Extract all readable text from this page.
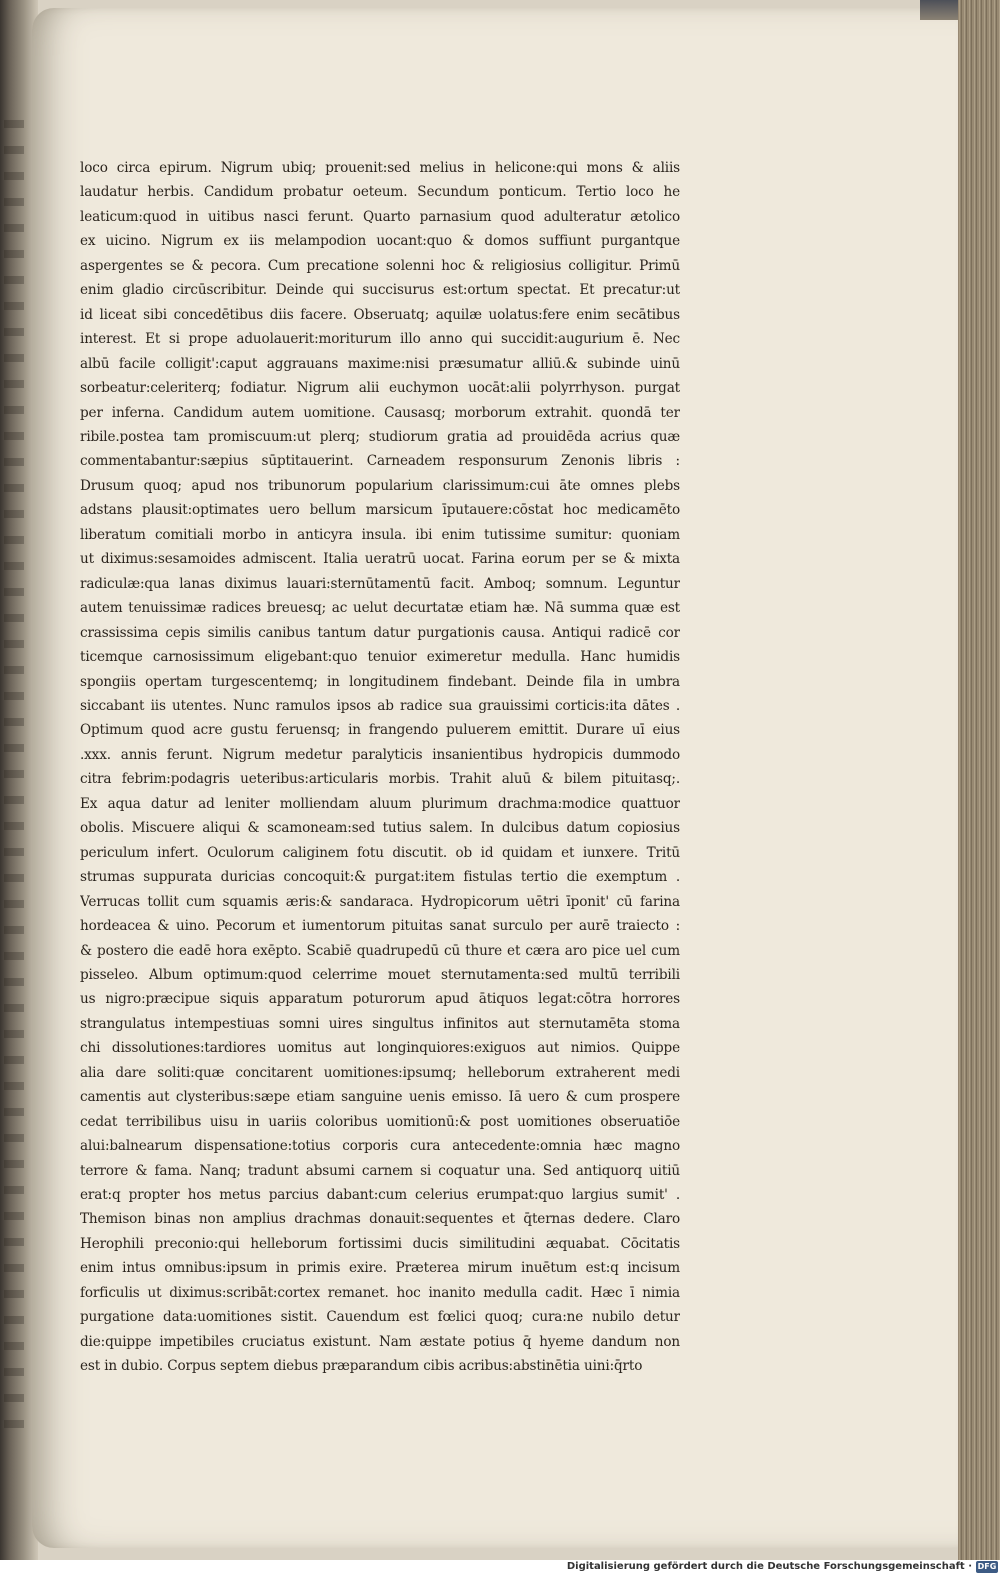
loco circa epirum. Nigrum ubiq; prouenit:sed melius in helicone:qui mons & aliis
laudatur herbis. Candidum probatur oeteum. Secundum ponticum. Tertio loco he
leaticum:quod in uitibus nasci ferunt. Quarto parnasium quod adulteratur ætolico
ex uicino. Nigrum ex iis melampodion uocant:quo & domos suffiunt purgantque
aspergentes se & pecora. Cum precatione solenni hoc & religiosius colligitur. Primū
enim gladio circūscribitur. Deinde qui succisurus est:ortum spectat. Et precatur:ut
id liceat sibi concedētibus diis facere. Obseruatq; aquilæ uolatus:fere enim secātibus
interest. Et si prope aduolauerit:moriturum illo anno qui succidit:augurium ē. Nec
albū facile colligit':caput aggrauans maxime:nisi præsumatur alliū.& subinde uinū
sorbeatur:celeriterq; fodiatur. Nigrum alii euchymon uocāt:alii polyrrhyson. purgat
per inferna. Candidum autem uomitione. Causasq; morborum extrahit. quondā ter
ribile.postea tam promiscuum:ut plerq; studiorum gratia ad prouidēda acrius quæ
commentabantur:sæpius sūptitauerint. Carneadem responsurum Zenonis libris :
Drusum quoq; apud nos tribunorum popularium clarissimum:cui āte omnes plebs
adstans plausit:optimates uero bellum marsicum īputauere:cōstat hoc medicamēto
liberatum comitiali morbo in anticyra insula. ibi enim tutissime sumitur: quoniam
ut diximus:sesamoides admiscent. Italia ueratrū uocat. Farina eorum per se & mixta
radiculæ:qua lanas diximus lauari:sternūtamentū facit. Amboq; somnum. Leguntur
autem tenuissimæ radices breuesq; ac uelut decurtatæ etiam hæ. Nā summa quæ est
crassissima cepis similis canibus tantum datur purgationis causa. Antiqui radicē cor
ticemque carnosissimum eligebant:quo tenuior eximeretur medulla. Hanc humidis
spongiis opertam turgescentemq; in longitudinem findebant. Deinde fila in umbra
siccabant iis utentes. Nunc ramulos ipsos ab radice sua grauissimi corticis:ita dātes .
Optimum quod acre gustu feruensq; in frangendo puluerem emittit. Durare uī eius
.xxx. annis ferunt. Nigrum medetur paralyticis insanientibus hydropicis dummodo
citra febrim:podagris ueteribus:articularis morbis. Trahit aluū & bilem pituitasq;.
Ex aqua datur ad leniter molliendam aluum plurimum drachma:modice quattuor
obolis. Miscuere aliqui & scamoneam:sed tutius salem. In dulcibus datum copiosius
periculum infert. Oculorum caliginem fotu discutit. ob id quidam et iunxere. Tritū
strumas suppurata duricias concoquit:& purgat:item fistulas tertio die exemptum .
Verrucas tollit cum squamis æris:& sandaraca. Hydropicorum uētri īponit' cū farina
hordeacea & uino. Pecorum et iumentorum pituitas sanat surculo per aurē traiecto :
& postero die eadē hora exēpto. Scabiē quadrupedū cū thure et cæra aro pice uel cum
pisseleo. Album optimum:quod celerrime mouet sternutamenta:sed multū terribili
us nigro:præcipue siquis apparatum poturorum apud ātiquos legat:cōtra horrores
strangulatus intempestiuas somni uires singultus infinitos aut sternutamēta stoma
chi dissolutiones:tardiores uomitus aut longinquiores:exiguos aut nimios. Quippe
alia dare soliti:quæ concitarent uomitiones:ipsumq; helleborum extraherent medi
camentis aut clysteribus:sæpe etiam sanguine uenis emisso. Iā uero & cum prospere
cedat terribilibus uisu in uariis coloribus uomitionū:& post uomitiones obseruatiōe
alui:balnearum dispensatione:totius corporis cura antecedente:omnia hæc magno
terrore & fama. Nanq; tradunt absumi carnem si coquatur una. Sed antiquorq uitiū
erat:q propter hos metus parcius dabant:cum celerius erumpat:quo largius sumit' .
Themison binas non amplius drachmas donauit:sequentes et q̄ternas dedere. Claro
Herophili preconio:qui helleborum fortissimi ducis similitudini æquabat. Cōcitatis
enim intus omnibus:ipsum in primis exire. Præterea mirum inuētum est:q incisum
forficulis ut diximus:scribāt:cortex remanet. hoc inanito medulla cadit. Hæc ī nimia
purgatione data:uomitiones sistit. Cauendum est fœlici quoq; cura:ne nubilo detur
die:quippe impetibiles cruciatus existunt. Nam æstate potius q̄ hyeme dandum non
est in dubio. Corpus septem diebus præparandum cibis acribus:abstinētia uini:q̄rto
Digitalisierung gefördert durch die Deutsche Forschungsgemeinschaft · DFG
